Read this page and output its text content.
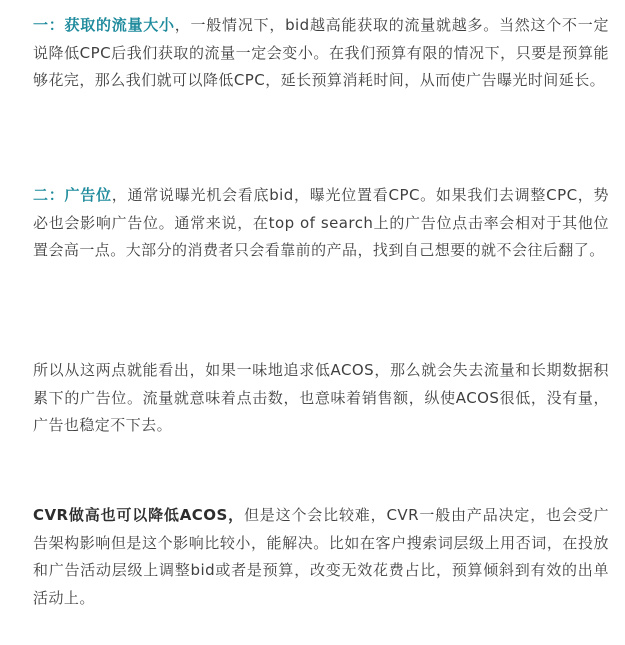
一：获取的流量大小，一般情况下，bid越高能获取的流量就越多。当然这个不一定说降低CPC后我们获取的流量一定会变小。在我们预算有限的情况下，只要是预算能够花完，那么我们就可以降低CPC，延长预算消耗时间，从而使广告曝光时间延长。

二：广告位，通常说曝光机会看底bid，曝光位置看CPC。如果我们去调整CPC，势必也会影响广告位。通常来说，在top of search上的广告位点击率会相对于其他位置会高一点。大部分的消费者只会看靠前的产品，找到自己想要的就不会往后翻了。

所以从这两点就能看出，如果一味地追求低ACOS，那么就会失去流量和长期数据积累下的广告位。流量就意味着点击数，也意味着销售额，纵使ACOS很低，没有量，广告也稳定不下去。

CVR做高也可以降低ACOS，但是这个会比较难，CVR一般由产品决定，也会受广告架构影响但是这个影响比较小，能解决。比如在客户搜索词层级上用否词，在投放和广告活动层级上调整bid或者是预算，改变无效花费占比，预算倾斜到有效的出单活动上。
